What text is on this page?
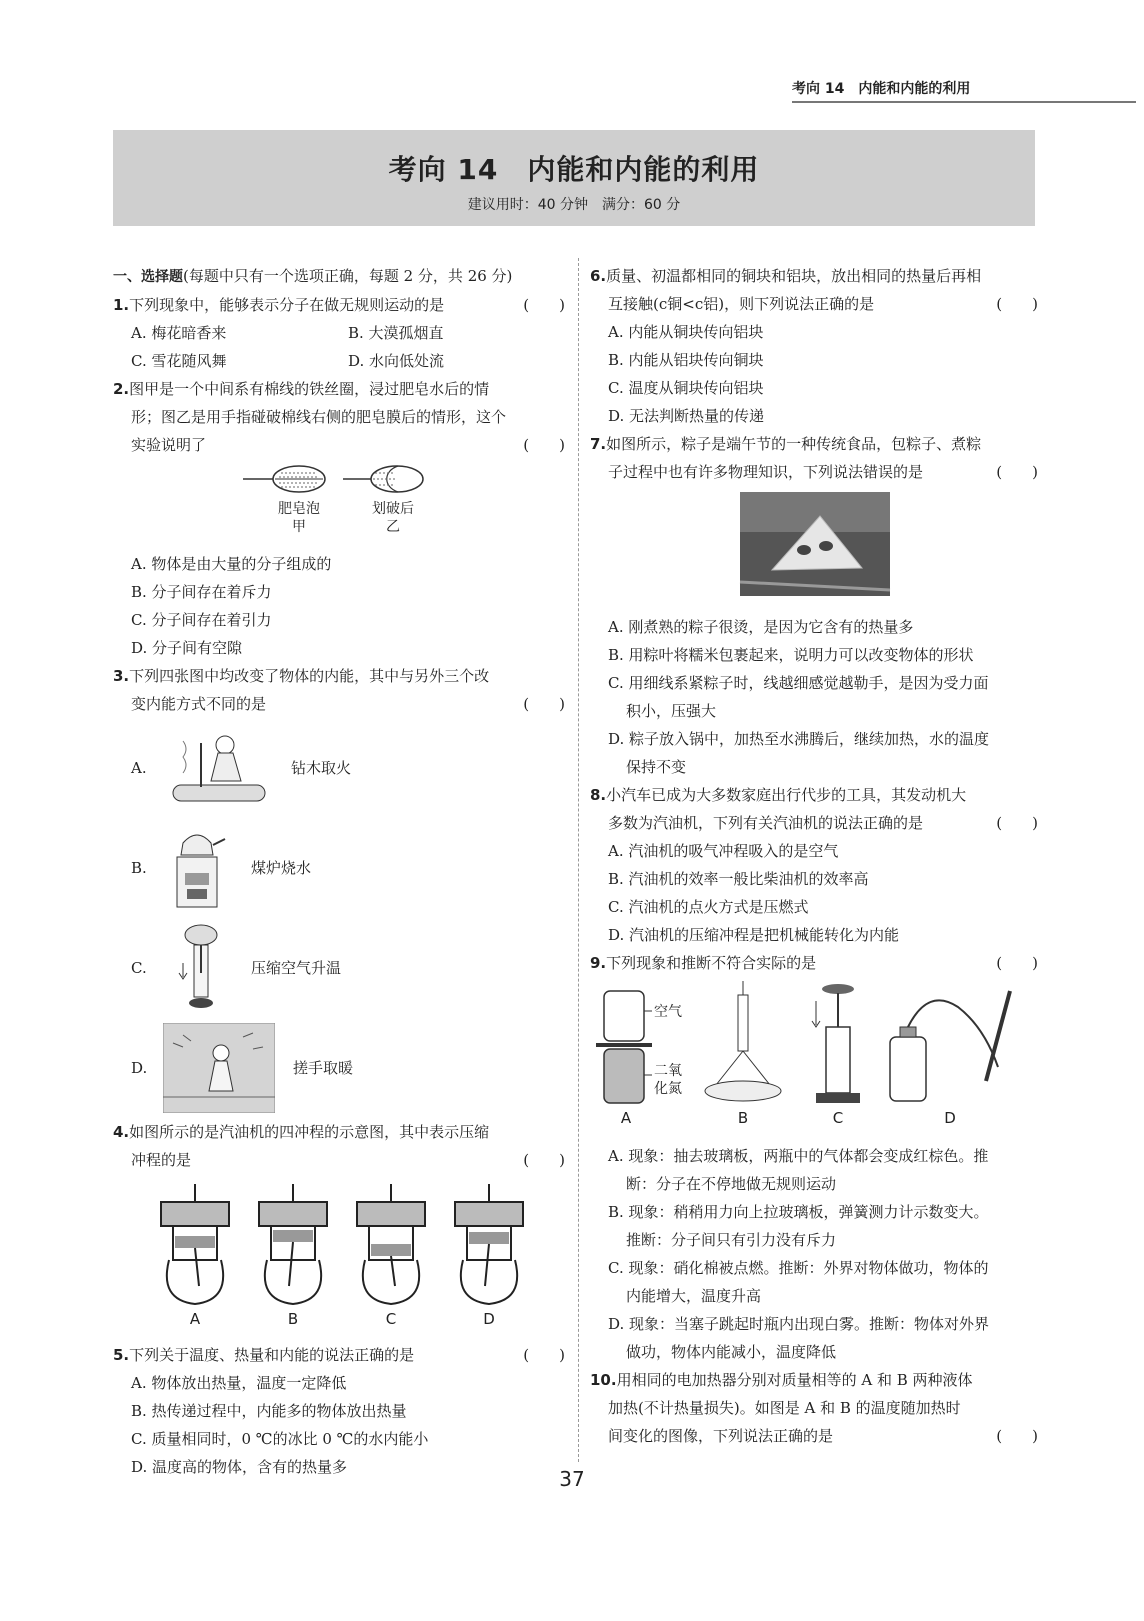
考向 14　内能和内能的利用
考向 14　内能和内能的利用
建议用时：40 分钟　满分：60 分
一、选择题(每题中只有一个选项正确，每题 2 分，共 26 分)
1.下列现象中，能够表示分子在做无规则运动的是	(　　)
A. 梅花暗香来	B. 大漠孤烟直
C. 雪花随风舞	D. 水向低处流
2.图甲是一个中间系有棉线的铁丝圈，浸过肥皂水后的情
形；图乙是用手指碰破棉线右侧的肥皂膜后的情形，这个
实验说明了	(　　)
肥皂泡
甲
划破后
乙
A. 物体是由大量的分子组成的
B. 分子间存在着斥力
C. 分子间存在着引力
D. 分子间有空隙
3.下列四张图中均改变了物体的内能，其中与另外三个改
变内能方式不同的是	(　　)
A.	钻木取火
B.	煤炉烧水
C.	压缩空气升温
D.	搓手取暖
4.如图所示的是汽油机的四冲程的示意图，其中表示压缩
冲程的是	(　　)
A	B	C	D
5.下列关于温度、热量和内能的说法正确的是	(　　)
A. 物体放出热量，温度一定降低
B. 热传递过程中，内能多的物体放出热量
C. 质量相同时，0 ℃的冰比 0 ℃的水内能小
D. 温度高的物体，含有的热量多
6.质量、初温都相同的铜块和铝块，放出相同的热量后再相
互接触(c铜<c铝)，则下列说法正确的是	(　　)
A. 内能从铜块传向铝块
B. 内能从铝块传向铜块
C. 温度从铜块传向铝块
D. 无法判断热量的传递
7.如图所示，粽子是端午节的一种传统食品，包粽子、煮粽
子过程中也有许多物理知识，下列说法错误的是	(　　)
A. 刚煮熟的粽子很烫，是因为它含有的热量多
B. 用粽叶将糯米包裹起来，说明力可以改变物体的形状
C. 用细线系紧粽子时，线越细感觉越勒手，是因为受力面
积小，压强大
D. 粽子放入锅中，加热至水沸腾后，继续加热，水的温度
保持不变
8.小汽车已成为大多数家庭出行代步的工具，其发动机大
多数为汽油机，下列有关汽油机的说法正确的是	(　　)
A. 汽油机的吸气冲程吸入的是空气
B. 汽油机的效率一般比柴油机的效率高
C. 汽油机的点火方式是压燃式
D. 汽油机的压缩冲程是把机械能转化为内能
9.下列现象和推断不符合实际的是	(　　)
空气
二氧
化氮
A	B	C	D
A. 现象：抽去玻璃板，两瓶中的气体都会变成红棕色。推
断：分子在不停地做无规则运动
B. 现象：稍稍用力向上拉玻璃板，弹簧测力计示数变大。
推断：分子间只有引力没有斥力
C. 现象：硝化棉被点燃。推断：外界对物体做功，物体的
内能增大，温度升高
D. 现象：当塞子跳起时瓶内出现白雾。推断：物体对外界
做功，物体内能减小，温度降低
10.用相同的电加热器分别对质量相等的 A 和 B 两种液体
加热(不计热量损失)。如图是 A 和 B 的温度随加热时
间变化的图像，下列说法正确的是	(　　)
37
